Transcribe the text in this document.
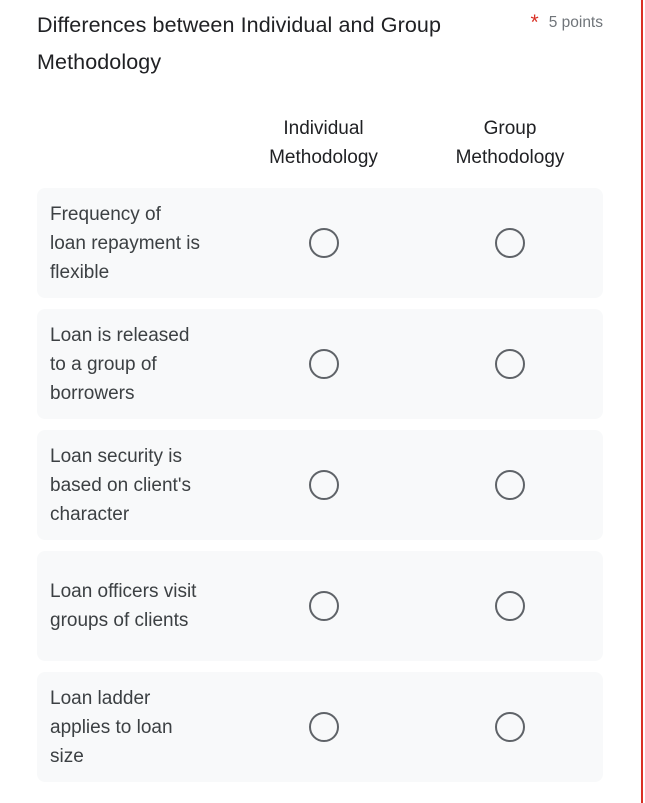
Differences between Individual and Group Methodology
* 5 points
Individual Methodology
Group Methodology
Frequency of loan repayment is flexible
Loan is released to a group of borrowers
Loan security is based on client's character
Loan officers visit groups of clients
Loan ladder applies to loan size
